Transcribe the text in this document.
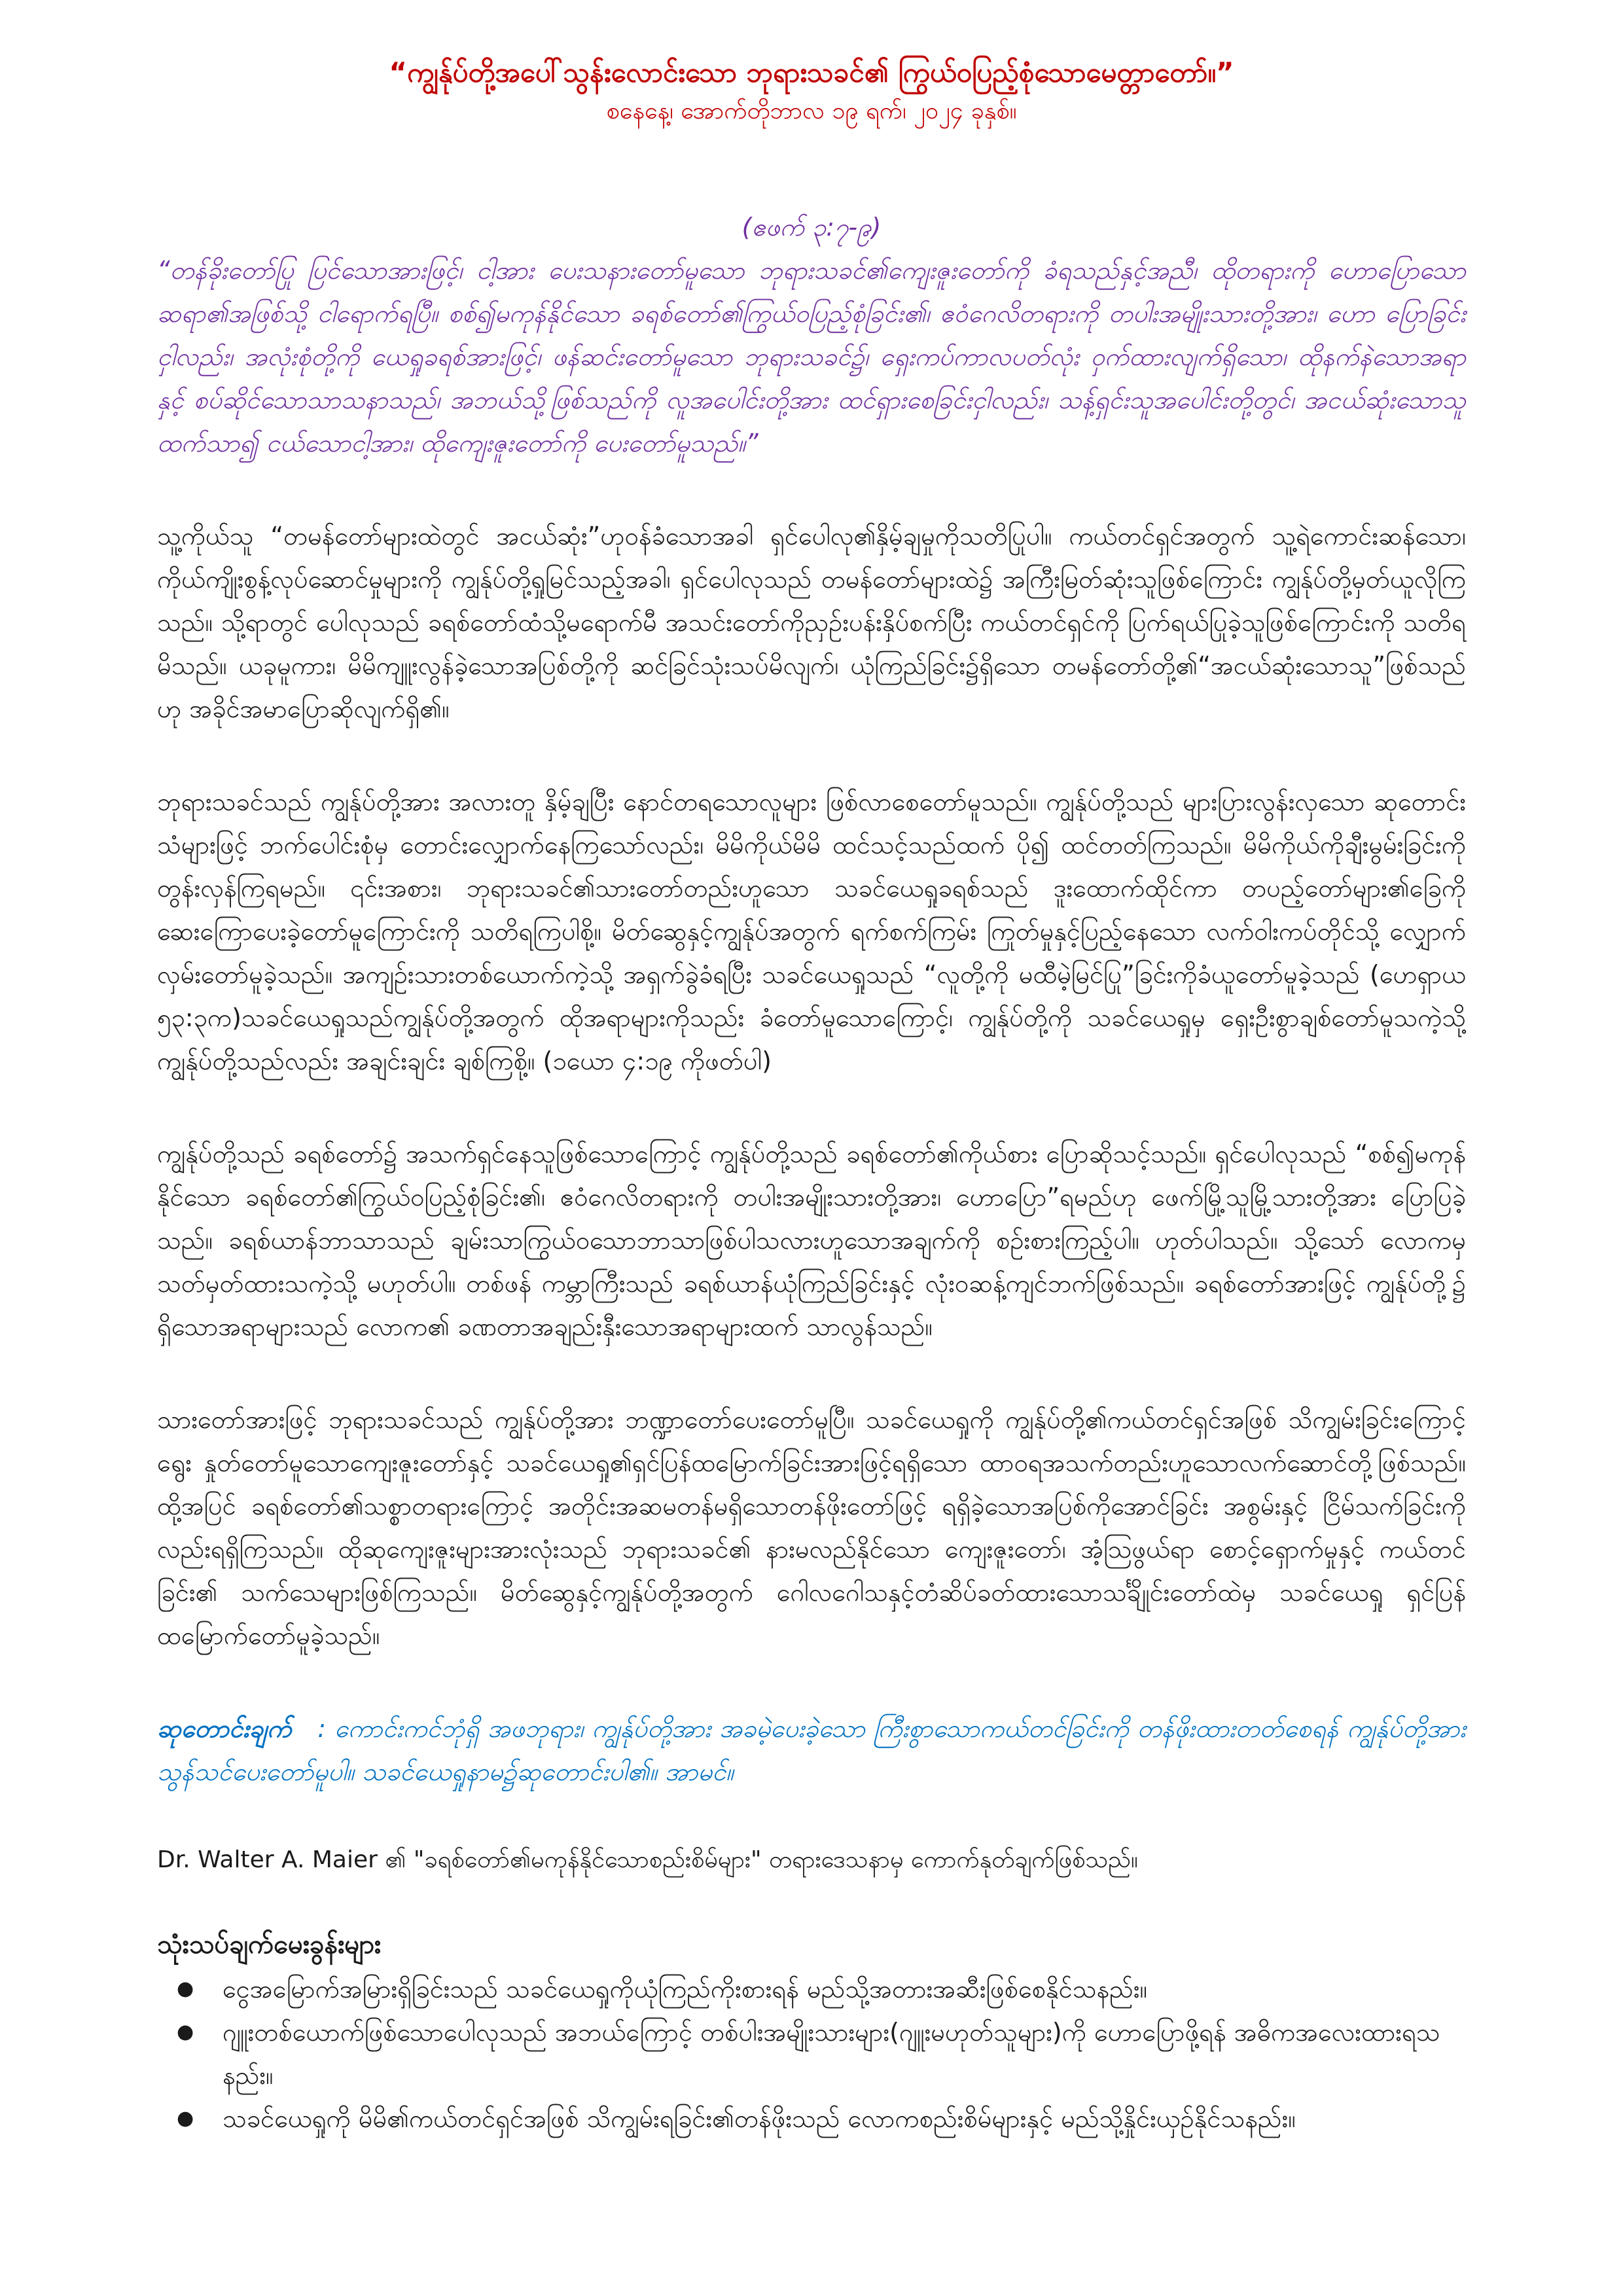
“ကျွန်ုပ်တို့အပေါ်သွန်းလောင်းသော ဘုရားသခင်၏ ကြွယ်ဝပြည့်စုံသောမေတ္တာတော်။”

စနေနေ့၊ အောက်တိုဘာလ ၁၉ ရက်၊ ၂၀၂၄ ခုနှစ်။

(ဧဖက် ၃:၇-၉)

“တန်ခိုးတော်ပြု ပြင်သောအားဖြင့်၊ ငါ့အား ပေးသနားတော်မူသော ဘုရားသခင်၏ကျေးဇူးတော်ကို ခံရသည်နှင့်အညီ၊ ထိုတရားကို ဟောပြောသောဆရာ၏အဖြစ်သို့ ငါရောက်ရပြီ။ စစ်၍မကုန်နိုင်သော ခရစ်တော်၏ကြွယ်ဝပြည့်စုံခြင်း၏၊ ဧဝံဂေလိတရားကို တပါးအမျိုးသားတို့အား၊ ဟော ပြောခြင်းငှါလည်း၊ အလုံးစုံတို့ကို ယေရှုခရစ်အားဖြင့်၊ ဖန်ဆင်းတော်မူသော ဘုရားသခင်၌၊ ရှေးကပ်ကာလပတ်လုံး ဝှက်ထားလျက်ရှိသော၊ ထိုနက်နဲသောအရာနှင့် စပ်ဆိုင်သောသာသနာသည်၊ အဘယ်သို့ဖြစ်သည်ကို လူအပေါင်းတို့အား ထင်ရှားစေခြင်းငှါလည်း၊ သန့်ရှင်းသူအပေါင်းတို့တွင်၊ အငယ်ဆုံးသောသူ ထက်သာ၍ ငယ်သောငါ့အား၊ ထိုကျေးဇူးတော်ကို ပေးတော်မူသည်။”

သူ့ကိုယ်သူ “တမန်တော်များထဲတွင် အငယ်ဆုံး”ဟုဝန်ခံသောအခါ ရှင်ပေါလု၏နှိမ့်ချမှုကိုသတိပြုပါ။ ကယ်တင်ရှင်အတွက် သူ့ရဲကောင်းဆန်သော၊ ကိုယ်ကျိုးစွန့်လုပ်ဆောင်မှုများကို ကျွန်ုပ်တို့ရှုမြင်သည့်အခါ၊ ရှင်ပေါလုသည် တမန်တော်များထဲ၌ အကြီးမြတ်ဆုံးသူဖြစ်ကြောင်း ကျွန်ုပ်တို့မှတ်ယူလိုကြသည်။ သို့ရာတွင် ပေါလုသည် ခရစ်တော်ထံသို့မရောက်မီ အသင်းတော်ကိုညှဉ်းပန်းနှိပ်စက်ပြီး ကယ်တင်ရှင်ကို ပြက်ရယ်ပြုခဲ့သူဖြစ်ကြောင်းကို သတိရမိသည်။ ယခုမူကား၊ မိမိကျူးလွန်ခဲ့သောအပြစ်တို့ကို ဆင်ခြင်သုံးသပ်မိလျက်၊ ယုံကြည်ခြင်း၌ရှိသော တမန်တော်တို့၏“အငယ်ဆုံးသောသူ”ဖြစ်သည်ဟု အခိုင်အမာပြောဆိုလျက်ရှိ၏။

ဘုရားသခင်သည် ကျွန်ုပ်တို့အား အလားတူ နှိမ့်ချပြီး နောင်တရသောလူများ ဖြစ်လာစေတော်မူသည်။ ကျွန်ုပ်တို့သည် များပြားလွန်းလှသော ဆုတောင်းသံများဖြင့် ဘက်ပေါင်းစုံမှ တောင်းလျှောက်နေကြသော်လည်း၊ မိမိကိုယ်မိမိ ထင်သင့်သည်ထက် ပို၍ ထင်တတ်ကြသည်။ မိမိကိုယ်ကိုချီးမွမ်းခြင်းကို တွန်းလှန်ကြရမည်။ ၎င်းအစား၊ ဘုရားသခင်၏သားတော်တည်းဟူသော သခင်ယေရှုခရစ်သည် ဒူးထောက်ထိုင်ကာ တပည့်တော်များ၏ခြေကို ဆေးကြောပေးခဲ့တော်မူကြောင်းကို သတိရကြပါစို့။ မိတ်ဆွေနှင့်ကျွန်ုပ်အတွက် ရက်စက်ကြမ်း ကြုတ်မှုနှင့်ပြည့်နေသော လက်ဝါးကပ်တိုင်သို့ လျှောက်လှမ်းတော်မူခဲ့သည်။ အကျဉ်းသားတစ်ယောက်ကဲ့သို့ အရှက်ခွဲခံရပြီး သခင်ယေရှုသည် “လူတို့ကို မထီမဲ့မြင်ပြု”ခြင်းကိုခံယူတော်မူခဲ့သည် (ဟေရှာယ ၅၃:၃က)သခင်ယေရှုသည်ကျွန်ုပ်တို့အတွက် ထိုအရာများကိုသည်း ခံတော်မူသောကြောင့်၊ ကျွန်ုပ်တို့ကို သခင်ယေရှုမှ ရှေးဦးစွာချစ်တော်မူသကဲ့သို့ ကျွန်ုပ်တို့သည်လည်း အချင်းချင်း ချစ်ကြစို့။ (၁ယော ၄:၁၉ ကိုဖတ်ပါ)

ကျွန်ုပ်တို့သည် ခရစ်တော်၌ အသက်ရှင်နေသူဖြစ်သောကြောင့် ကျွန်ုပ်တို့သည် ခရစ်တော်၏ကိုယ်စား ပြောဆိုသင့်သည်။ ရှင်ပေါလုသည် “စစ်၍မကုန်နိုင်သော ခရစ်တော်၏ကြွယ်ဝပြည့်စုံခြင်း၏၊ ဧဝံဂေလိတရားကို တပါးအမျိုးသားတို့အား၊ ဟောပြော”ရမည်ဟု ဖေက်မြို့သူမြို့သားတို့အား ပြောပြခဲ့သည်။ ခရစ်ယာန်ဘာသာသည် ချမ်းသာကြွယ်ဝသောဘာသာဖြစ်ပါသလားဟူသောအချက်ကို စဉ်းစားကြည့်ပါ။ ဟုတ်ပါသည်။ သို့သော် လောကမှ သတ်မှတ်ထားသကဲ့သို့ မဟုတ်ပါ။ တစ်ဖန် ကမ္ဘာကြီးသည် ခရစ်ယာန်ယုံကြည်ခြင်းနှင့် လုံးဝဆန့်ကျင်ဘက်ဖြစ်သည်။ ခရစ်တော်အားဖြင့် ကျွန်ုပ်တို့၌ ရှိသောအရာများသည် လောက၏ ခဏတာအချည်းနှီးသောအရာများထက် သာလွန်သည်။

သားတော်အားဖြင့် ဘုရားသခင်သည် ကျွန်ုပ်တို့အား ဘဏ္ဍာတော်ပေးတော်မူပြီ။ သခင်ယေရှုကို ကျွန်ုပ်တို့၏ကယ်တင်ရှင်အဖြစ် သိကျွမ်းခြင်းကြောင့် ရွေး နှုတ်တော်မူသောကျေးဇူးတော်နှင့် သခင်ယေရှု၏ရှင်ပြန်ထမြောက်ခြင်းအားဖြင့်ရရှိသော ထာဝရအသက်တည်းဟူသောလက်ဆောင်တို့ဖြစ်သည်။ ထို့အပြင် ခရစ်တော်၏သစ္စာတရားကြောင့် အတိုင်းအဆမတန်မရှိသောတန်ဖိုးတော်ဖြင့် ရရှိခဲ့သောအပြစ်ကိုအောင်ခြင်း အစွမ်းနှင့် ငြိမ်သက်ခြင်းကိုလည်းရရှိကြသည်။ ထိုဆုကျေးဇူးများအားလုံးသည် ဘုရားသခင်၏ နားမလည်နိုင်သော ကျေးဇူးတော်၊ အံ့ဩဖွယ်ရာ စောင့်ရှောက်မှုနှင့် ကယ်တင်ခြင်း၏ သက်သေများဖြစ်ကြသည်။ မိတ်ဆွေနှင့်ကျွန်ုပ်တို့အတွက် ဂေါလဂေါသနှင့်တံဆိပ်ခတ်ထားသောသင်္ချိုင်းတော်ထဲမှ သခင်ယေရှု ရှင်ပြန် ထမြောက်တော်မူခဲ့သည်။

ဆုတောင်းချက် : ကောင်းကင်ဘုံရှိ အဖဘုရား၊ ကျွန်ုပ်တို့အား အခမဲ့ပေးခဲ့သော ကြီးစွာသောကယ်တင်ခြင်းကို တန်ဖိုးထားတတ်စေရန် ကျွန်ုပ်တို့အား သွန်သင်ပေးတော်မူပါ။ သခင်ယေရှုနာမ၌ဆုတောင်းပါ၏။ အာမင်။

Dr. Walter A. Maier ၏ "ခရစ်တော်၏မကုန်နိုင်သောစည်းစိမ်များ" တရားဒေသနာမှ ကောက်နုတ်ချက်ဖြစ်သည်။

သုံးသပ်ချက်မေးခွန်းများ

● ငွေအမြောက်အမြားရှိခြင်းသည် သခင်ယေရှုကိုယုံကြည်ကိုးစားရန် မည်သို့အတားအဆီးဖြစ်စေနိုင်သနည်း။
● ဂျူးတစ်ယောက်ဖြစ်သောပေါလုသည် အဘယ်ကြောင့် တစ်ပါးအမျိုးသားများ(ဂျူးမဟုတ်သူများ)ကို ဟောပြောဖို့ရန် အဓိကအလေးထားရသနည်း။
● သခင်ယေရှုကို မိမိ၏ကယ်တင်ရှင်အဖြစ် သိကျွမ်းရခြင်း၏တန်ဖိုးသည် လောကစည်းစိမ်များနှင့် မည်သို့နှိုင်းယှဉ်နိုင်သနည်း။
